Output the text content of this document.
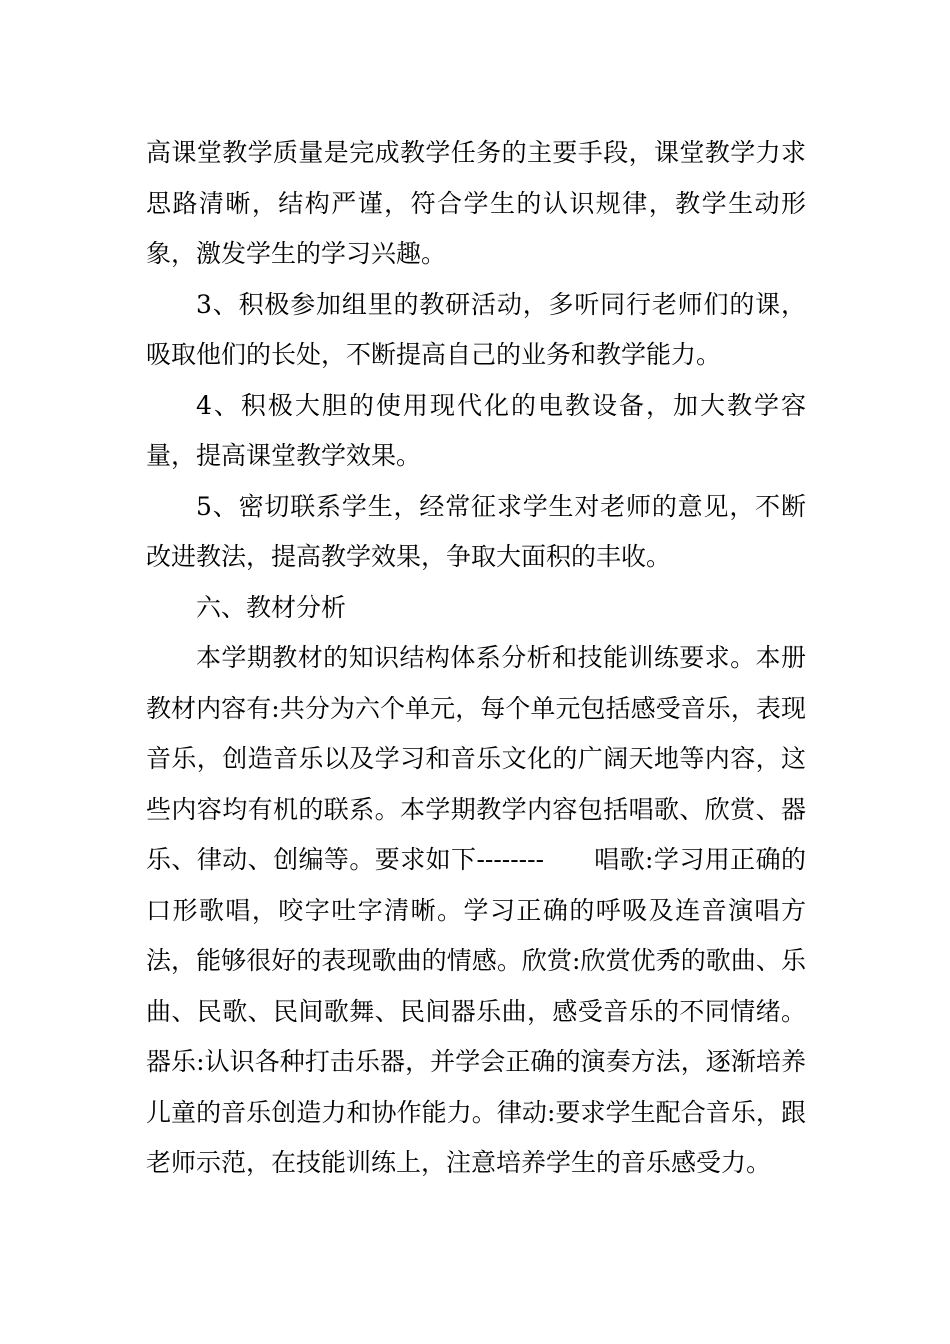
高课堂教学质量是完成教学任务的主要手段，课堂教学力求思路清晰，结构严谨，符合学生的认识规律，教学生动形象，激发学生的学习兴趣。

3、积极参加组里的教研活动，多听同行老师们的课，吸取他们的长处，不断提高自己的业务和教学能力。

4、积极大胆的使用现代化的电教设备，加大教学容量，提高课堂教学效果。

5、密切联系学生，经常征求学生对老师的意见，不断改进教法，提高教学效果，争取大面积的丰收。

六、教材分析

本学期教材的知识结构体系分析和技能训练要求。本册教材内容有:共分为六个单元，每个单元包括感受音乐，表现音乐，创造音乐以及学习和音乐文化的广阔天地等内容，这些内容均有机的联系。本学期教学内容包括唱歌、欣赏、器乐、律动、创编等。要求如下--------      唱歌:学习用正确的口形歌唱，咬字吐字清晰。学习正确的呼吸及连音演唱方法，能够很好的表现歌曲的情感。欣赏:欣赏优秀的歌曲、乐曲、民歌、民间歌舞、民间器乐曲，感受音乐的不同情绪。器乐:认识各种打击乐器，并学会正确的演奏方法，逐渐培养儿童的音乐创造力和协作能力。律动:要求学生配合音乐，跟老师示范，在技能训练上，注意培养学生的音乐感受力。
